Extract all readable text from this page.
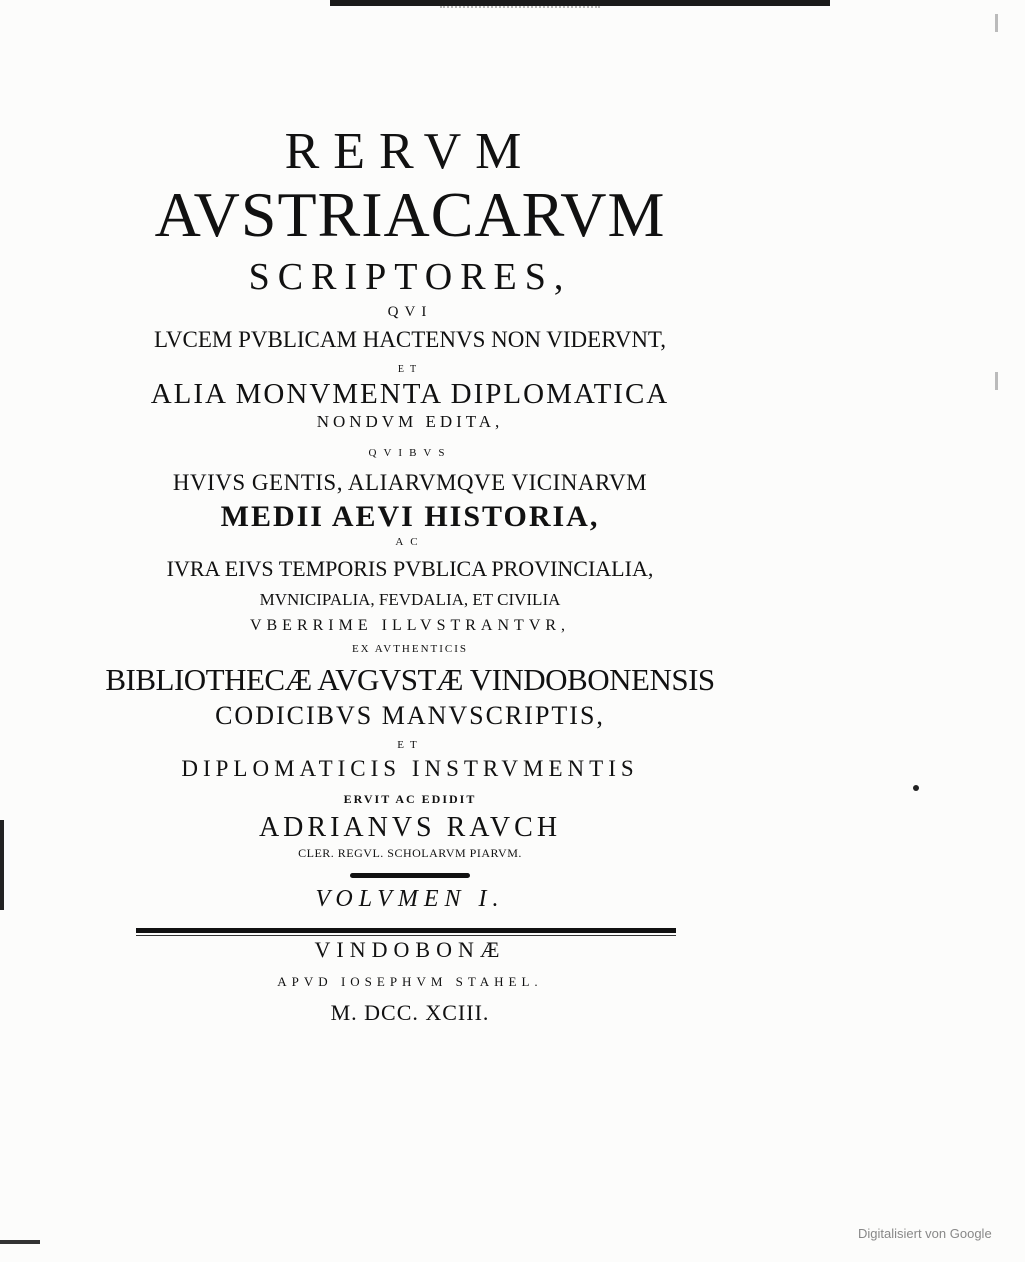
RERVM
AVSTRIACARVM
SCRIPTORES,
QVI
LVCEM PVBLICAM HACTENVS NON VIDERVNT,
ET
ALIA MONVMENTA DIPLOMATICA
NONDVM EDITA,
QVIBVS
HVIVS GENTIS, ALIARVMQVE VICINARVM
MEDII AEVI HISTORIA,
AC
IVRA EIVS TEMPORIS PVBLICA PROVINCIALIA,
MVNICIPALIA, FEVDALIA, ET CIVILIA
VBERRIME ILLVSTRANTVR,
EX AVTHENTICIS
BIBLIOTHECÆ AVGVSTÆ VINDOBONENSIS
CODICIBVS MANVSCRIPTIS,
ET
DIPLOMATICIS INSTRVMENTIS
ERVIT AC EDIDIT
ADRIANVS RAVCH
CLER. REGVL. SCHOLARVM PIARVM.
VOLVMEN I.
VINDOBONÆ
APVD IOSEPHVM STAHEL.
M. DCC. XCIII.
Digitalisiert von Google
